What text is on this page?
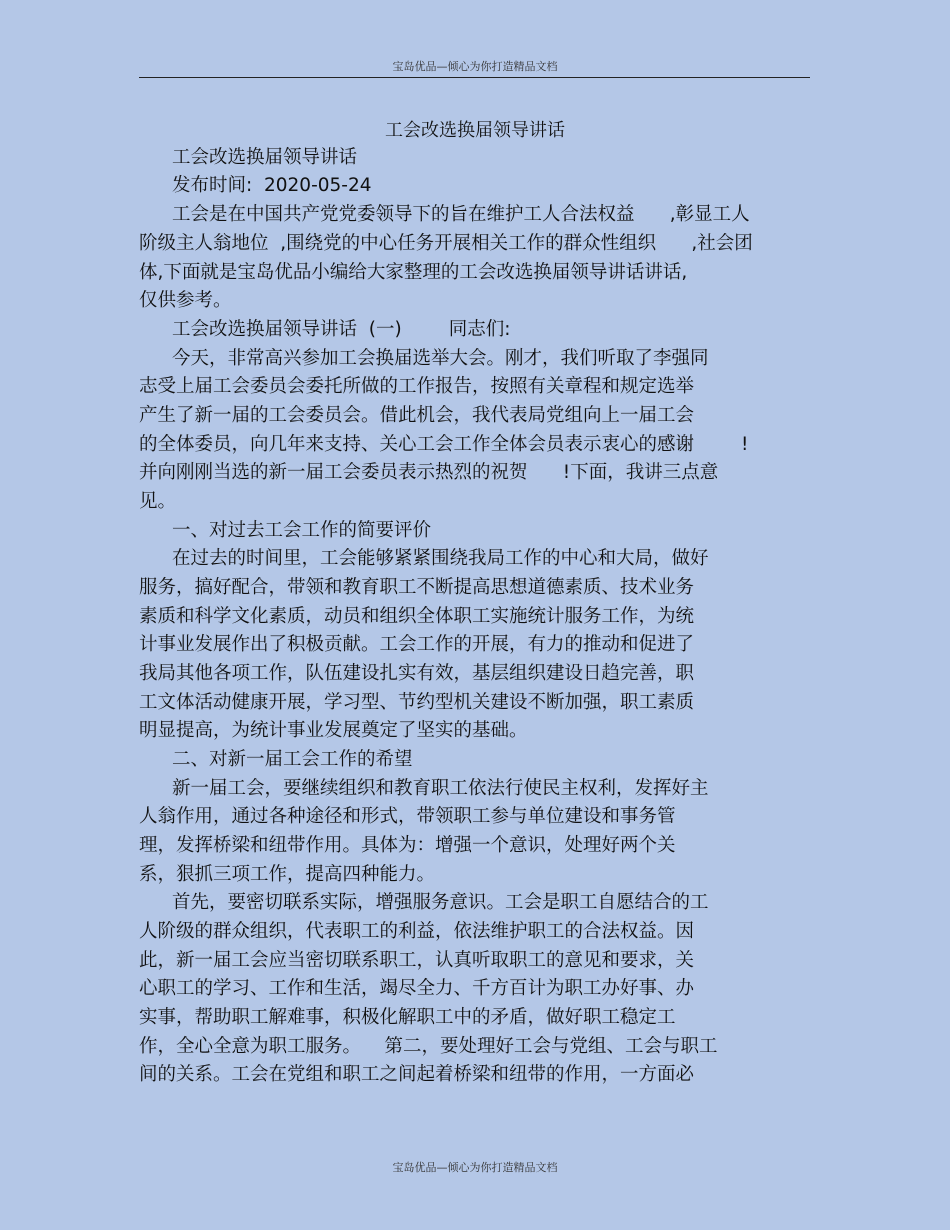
宝岛优品—倾心为你打造精品文档
工会改选换届领导讲话
工会改选换届领导讲话
发布时间:  2020-05-24
工会是在中国共产党党委领导下的旨在维护工人合法权益      ,彰显工人
阶级主人翁地位  ,围绕党的中心任务开展相关工作的群众性组织      ,社会团
体,下面就是宝岛优品小编给大家整理的工会改选换届领导讲话讲话,
仅供参考。
工会改选换届领导讲话  (一)        同志们:
今天，非常高兴参加工会换届选举大会。刚才，我们听取了李强同
志受上届工会委员会委托所做的工作报告，按照有关章程和规定选举
产生了新一届的工会委员会。借此机会，我代表局党组向上一届工会
的全体委员，向几年来支持、关心工会工作全体会员表示衷心的感谢        !
并向刚刚当选的新一届工会委员表示热烈的祝贺      !下面，我讲三点意
见。
一、对过去工会工作的简要评价
在过去的时间里，工会能够紧紧围绕我局工作的中心和大局，做好
服务，搞好配合，带领和教育职工不断提高思想道德素质、技术业务
素质和科学文化素质，动员和组织全体职工实施统计服务工作，为统
计事业发展作出了积极贡献。工会工作的开展，有力的推动和促进了
我局其他各项工作，队伍建设扎实有效，基层组织建设日趋完善，职
工文体活动健康开展，学习型、节约型机关建设不断加强，职工素质
明显提高，为统计事业发展奠定了坚实的基础。
二、对新一届工会工作的希望
新一届工会，要继续组织和教育职工依法行使民主权利，发挥好主
人翁作用，通过各种途径和形式，带领职工参与单位建设和事务管
理，发挥桥梁和纽带作用。具体为：增强一个意识，处理好两个关
系，狠抓三项工作，提高四种能力。
首先，要密切联系实际，增强服务意识。工会是职工自愿结合的工
人阶级的群众组织，代表职工的利益，依法维护职工的合法权益。因
此，新一届工会应当密切联系职工，认真听取职工的意见和要求，关
心职工的学习、工作和生活，竭尽全力、千方百计为职工办好事、办
实事，帮助职工解难事，积极化解职工中的矛盾，做好职工稳定工
作，全心全意为职工服务。    第二，要处理好工会与党组、工会与职工
间的关系。工会在党组和职工之间起着桥梁和纽带的作用，一方面必
宝岛优品—倾心为你打造精品文档
